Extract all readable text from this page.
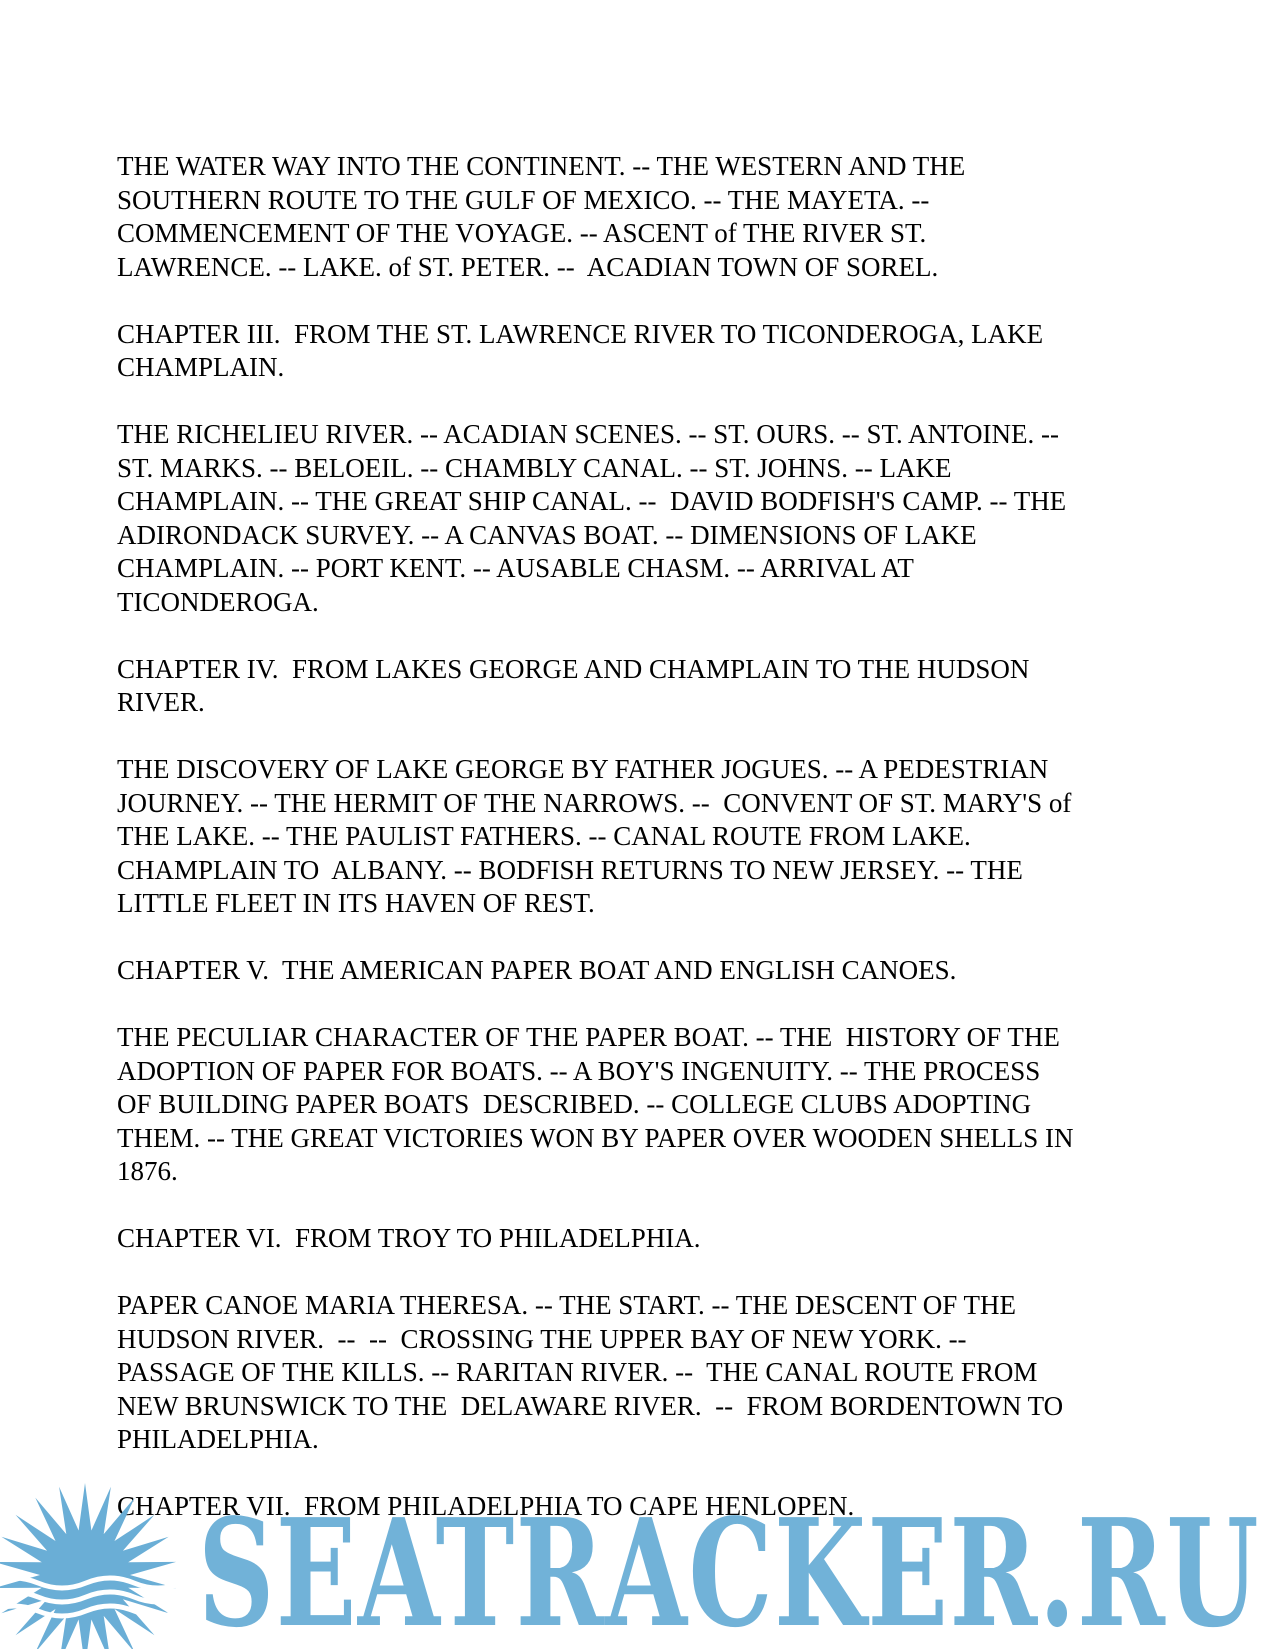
THE WATER WAY INTO THE CONTINENT. -- THE WESTERN AND THE
SOUTHERN ROUTE TO THE GULF OF MEXICO. -- THE MAYETA. --
COMMENCEMENT OF THE VOYAGE. -- ASCENT of THE RIVER ST.
LAWRENCE. -- LAKE. of ST. PETER. --  ACADIAN TOWN OF SOREL.
CHAPTER III.  FROM THE ST. LAWRENCE RIVER TO TICONDEROGA, LAKE
CHAMPLAIN.
THE RICHELIEU RIVER. -- ACADIAN SCENES. -- ST. OURS. -- ST. ANTOINE. --
ST. MARKS. -- BELOEIL. -- CHAMBLY CANAL. -- ST. JOHNS. -- LAKE
CHAMPLAIN. -- THE GREAT SHIP CANAL. --  DAVID BODFISH'S CAMP. -- THE
ADIRONDACK SURVEY. -- A CANVAS BOAT. -- DIMENSIONS OF LAKE
CHAMPLAIN. -- PORT KENT. -- AUSABLE CHASM. -- ARRIVAL AT
TICONDEROGA.
CHAPTER IV.  FROM LAKES GEORGE AND CHAMPLAIN TO THE HUDSON
RIVER.
THE DISCOVERY OF LAKE GEORGE BY FATHER JOGUES. -- A PEDESTRIAN
JOURNEY. -- THE HERMIT OF THE NARROWS. --  CONVENT OF ST. MARY'S of
THE LAKE. -- THE PAULIST FATHERS. -- CANAL ROUTE FROM LAKE.
CHAMPLAIN TO  ALBANY. -- BODFISH RETURNS TO NEW JERSEY. -- THE
LITTLE FLEET IN ITS HAVEN OF REST.
CHAPTER V.  THE AMERICAN PAPER BOAT AND ENGLISH CANOES.
THE PECULIAR CHARACTER OF THE PAPER BOAT. -- THE  HISTORY OF THE
ADOPTION OF PAPER FOR BOATS. -- A BOY'S INGENUITY. -- THE PROCESS
OF BUILDING PAPER BOATS  DESCRIBED. -- COLLEGE CLUBS ADOPTING
THEM. -- THE GREAT VICTORIES WON BY PAPER OVER WOODEN SHELLS IN
1876.
CHAPTER VI.  FROM TROY TO PHILADELPHIA.
PAPER CANOE MARIA THERESA. -- THE START. -- THE DESCENT OF THE
HUDSON RIVER.  --  --  CROSSING THE UPPER BAY OF NEW YORK. --
PASSAGE OF THE KILLS. -- RARITAN RIVER. --  THE CANAL ROUTE FROM
NEW BRUNSWICK TO THE  DELAWARE RIVER.  --  FROM BORDENTOWN TO
PHILADELPHIA.
CHAPTER VII.  FROM PHILADELPHIA TO CAPE HENLOPEN.
SEATRACKER.RU
